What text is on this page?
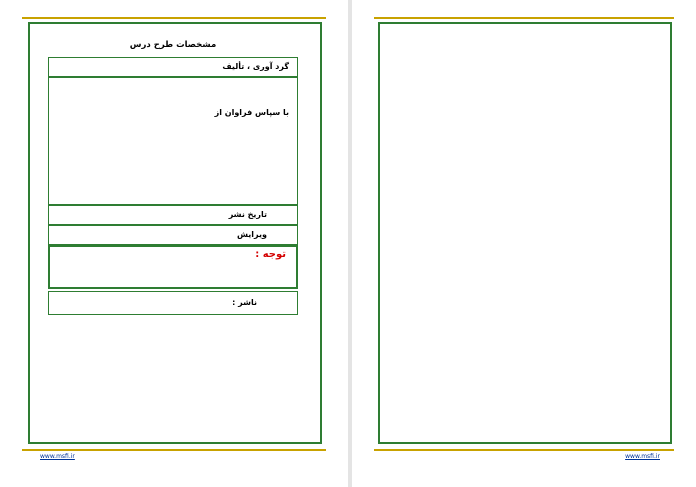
مشخصات طرح درس
گرد آوری ، تألیف
با سپاس فراوان از
تاریخ نشر
ویرایش
توجه :
ناشر :
www.msfi.ir	www.msfi.ir
